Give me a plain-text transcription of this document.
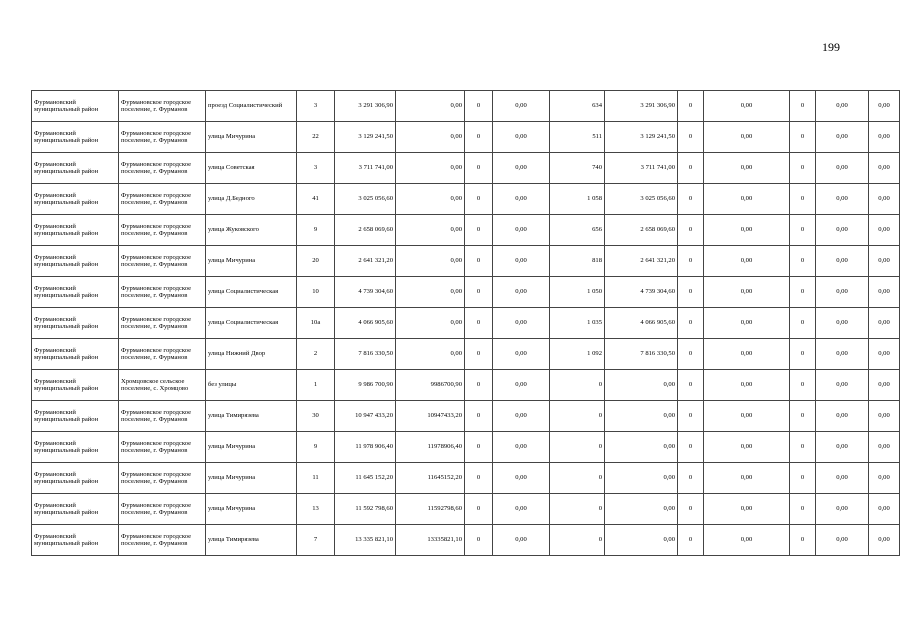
199
Фурмановский муниципальный район	Фурмановское городское поселение, г. Фурманов	проезд Социалистический	3	3 291 306,90	0,00	0	0,00	634	3 291 306,90	0	0,00	0	0,00	0,00
Фурмановский муниципальный район	Фурмановское городское поселение, г. Фурманов	улица Мичурина	22	3 129 241,50	0,00	0	0,00	511	3 129 241,50	0	0,00	0	0,00	0,00
Фурмановский муниципальный район	Фурмановское городское поселение, г. Фурманов	улица Советская	3	3 711 741,00	0,00	0	0,00	740	3 711 741,00	0	0,00	0	0,00	0,00
Фурмановский муниципальный район	Фурмановское городское поселение, г. Фурманов	улица Д.Бедного	41	3 025 056,60	0,00	0	0,00	1 058	3 025 056,60	0	0,00	0	0,00	0,00
Фурмановский муниципальный район	Фурмановское городское поселение, г. Фурманов	улица Жуковского	9	2 658 069,60	0,00	0	0,00	656	2 658 069,60	0	0,00	0	0,00	0,00
Фурмановский муниципальный район	Фурмановское городское поселение, г. Фурманов	улица Мичурина	20	2 641 321,20	0,00	0	0,00	818	2 641 321,20	0	0,00	0	0,00	0,00
Фурмановский муниципальный район	Фурмановское городское поселение, г. Фурманов	улица Социалистическая	10	4 739 304,60	0,00	0	0,00	1 050	4 739 304,60	0	0,00	0	0,00	0,00
Фурмановский муниципальный район	Фурмановское городское поселение, г. Фурманов	улица Социалистическая	10а	4 066 905,60	0,00	0	0,00	1 035	4 066 905,60	0	0,00	0	0,00	0,00
Фурмановский муниципальный район	Фурмановское городское поселение, г. Фурманов	улица Нижний Двор	2	7 816 330,50	0,00	0	0,00	1 092	7 816 330,50	0	0,00	0	0,00	0,00
Фурмановский муниципальный район	Хромцовское сельское поселение, с. Хромцово	без улицы	1	9 986 700,90	9986700,90	0	0,00	0	0,00	0	0,00	0	0,00	0,00
Фурмановский муниципальный район	Фурмановское городское поселение, г. Фурманов	улица Тимирязева	30	10 947 433,20	10947433,20	0	0,00	0	0,00	0	0,00	0	0,00	0,00
Фурмановский муниципальный район	Фурмановское городское поселение, г. Фурманов	улица Мичурина	9	11 978 906,40	11978906,40	0	0,00	0	0,00	0	0,00	0	0,00	0,00
Фурмановский муниципальный район	Фурмановское городское поселение, г. Фурманов	улица Мичурина	11	11 645 152,20	11645152,20	0	0,00	0	0,00	0	0,00	0	0,00	0,00
Фурмановский муниципальный район	Фурмановское городское поселение, г. Фурманов	улица Мичурина	13	11 592 798,60	11592798,60	0	0,00	0	0,00	0	0,00	0	0,00	0,00
Фурмановский муниципальный район	Фурмановское городское поселение, г. Фурманов	улица Тимирязева	7	13 335 821,10	13335821,10	0	0,00	0	0,00	0	0,00	0	0,00	0,00
